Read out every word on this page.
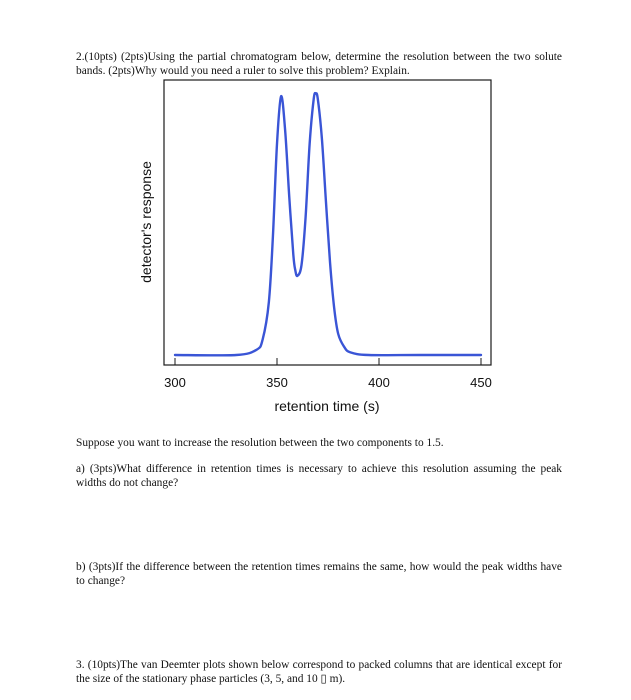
2.(10pts) (2pts)Using the partial chromatogram below, determine the resolution between the two solute bands. (2pts)Why would you need a ruler to solve this problem? Explain.
300	350	400	450
retention time (s)
detector's response
Suppose you want to increase the resolution between the two components to 1.5.
a) (3pts)What difference in retention times is necessary to achieve this resolution assuming the peak widths do not change?
b) (3pts)If the difference between the retention times remains the same, how would the peak widths have to change?
3. (10pts)The van Deemter plots shown below correspond to packed columns that are identical except for the size of the stationary phase particles (3, 5, and 10 ▯ m).
